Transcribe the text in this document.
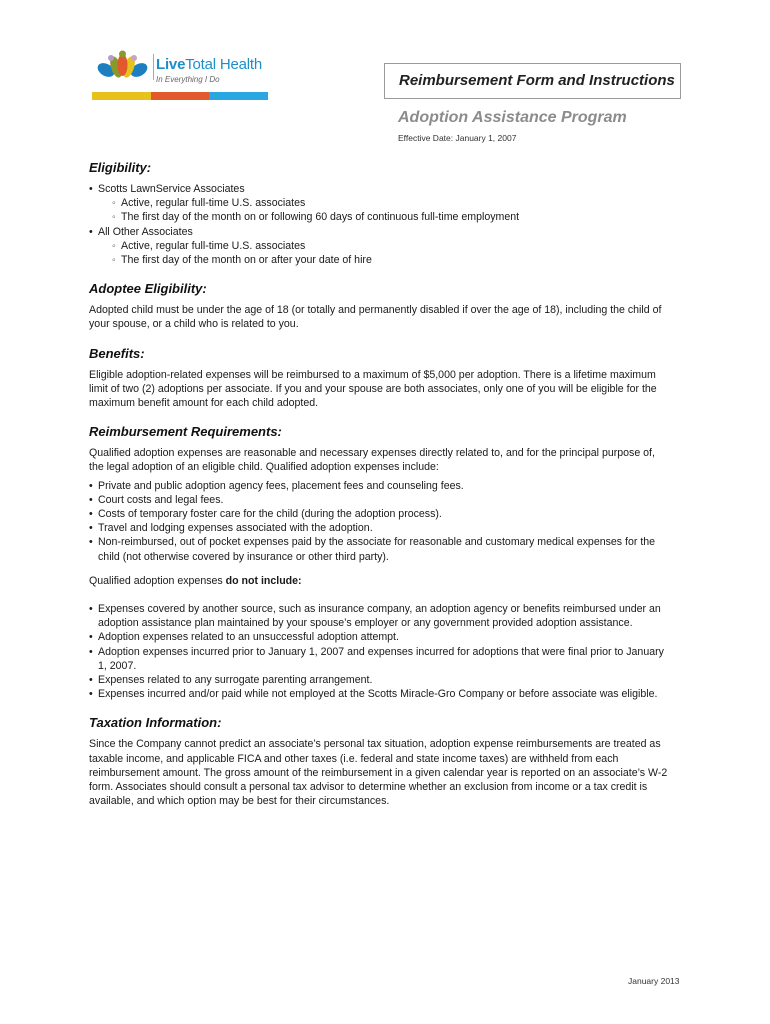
LiveTotal Health
In Everything I Do	Reimbursement Form and Instructions
Adoption Assistance Program
Effective Date: January 1, 2007
Eligibility:
• Scotts LawnService Associates
◦ Active, regular full-time U.S. associates
◦ The first day of the month on or following 60 days of continuous full-time employment
• All Other Associates
◦ Active, regular full-time U.S. associates
◦ The first day of the month on or after your date of hire
Adoptee Eligibility:

Adopted child must be under the age of 18 (or totally and permanently disabled if over the age of 18), including the child of your spouse, or a child who is related to you.

Benefits:

Eligible adoption-related expenses will be reimbursed to a maximum of $5,000 per adoption. There is a lifetime maximum limit of two (2) adoptions per associate. If you and your spouse are both associates, only one of you will be eligible for the maximum benefit amount for each child adopted.

Reimbursement Requirements:

Qualified adoption expenses are reasonable and necessary expenses directly related to, and for the principal purpose of, the legal adoption of an eligible child. Qualified adoption expenses include:

• Private and public adoption agency fees, placement fees and counseling fees.
• Court costs and legal fees.
• Costs of temporary foster care for the child (during the adoption process).
• Travel and lodging expenses associated with the adoption.
• Non-reimbursed, out of pocket expenses paid by the associate for reasonable and customary medical expenses for the child (not otherwise covered by insurance or other third party).

Qualified adoption expenses do not include:

• Expenses covered by another source, such as insurance company, an adoption agency or benefits reimbursed under an adoption assistance plan maintained by your spouse’s employer or any government provided adoption assistance.
• Adoption expenses related to an unsuccessful adoption attempt.
• Adoption expenses incurred prior to January 1, 2007 and expenses incurred for adoptions that were final prior to January 1, 2007.
• Expenses related to any surrogate parenting arrangement.
• Expenses incurred and/or paid while not employed at the Scotts Miracle-Gro Company or before associate was eligible.
Taxation Information:

Since the Company cannot predict an associate’s personal tax situation, adoption expense reimbursements are treated as taxable income, and applicable FICA and other taxes (i.e. federal and state income taxes) are withheld from each reimbursement amount. The gross amount of the reimbursement in a given calendar year is reported on an associate’s W-2 form. Associates should consult a personal tax advisor to determine whether an exclusion from income or a tax credit is available, and which option may be best for their circumstances.

January 2013
